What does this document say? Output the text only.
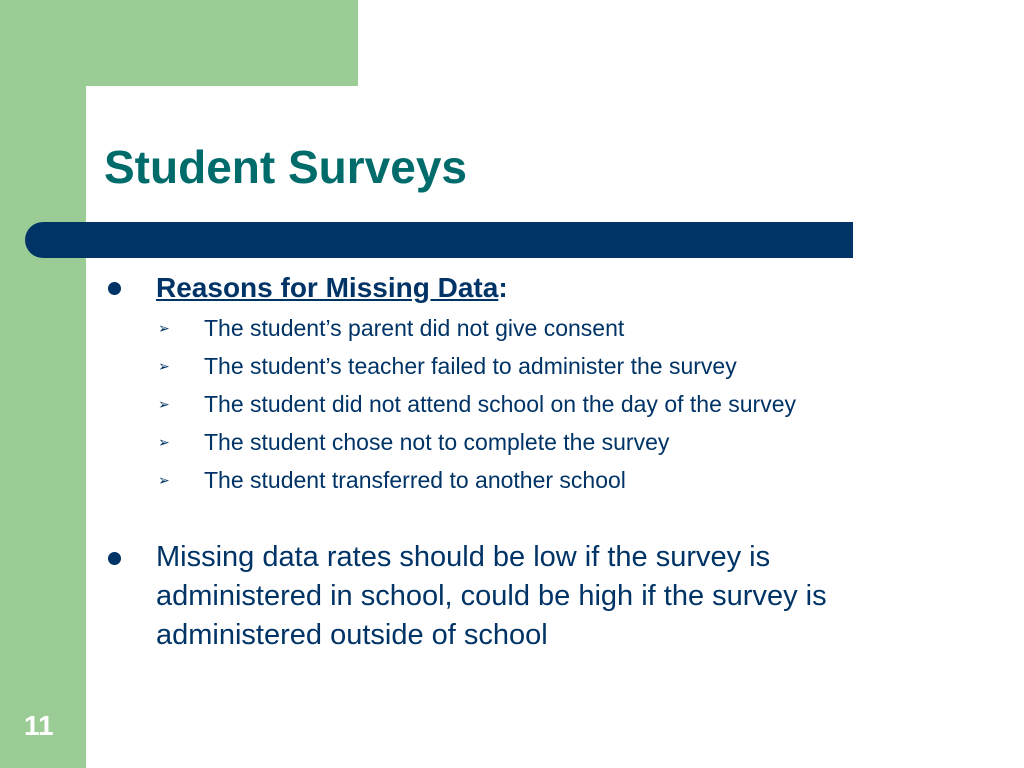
Student Surveys
Reasons for Missing Data:
➢ The student’s parent did not give consent
➢ The student’s teacher failed to administer the survey
➢ The student did not attend school on the day of the survey
➢ The student chose not to complete the survey
➢ The student transferred to another school

Missing data rates should be low if the survey is administered in school, could be high if the survey is administered outside of school

11
